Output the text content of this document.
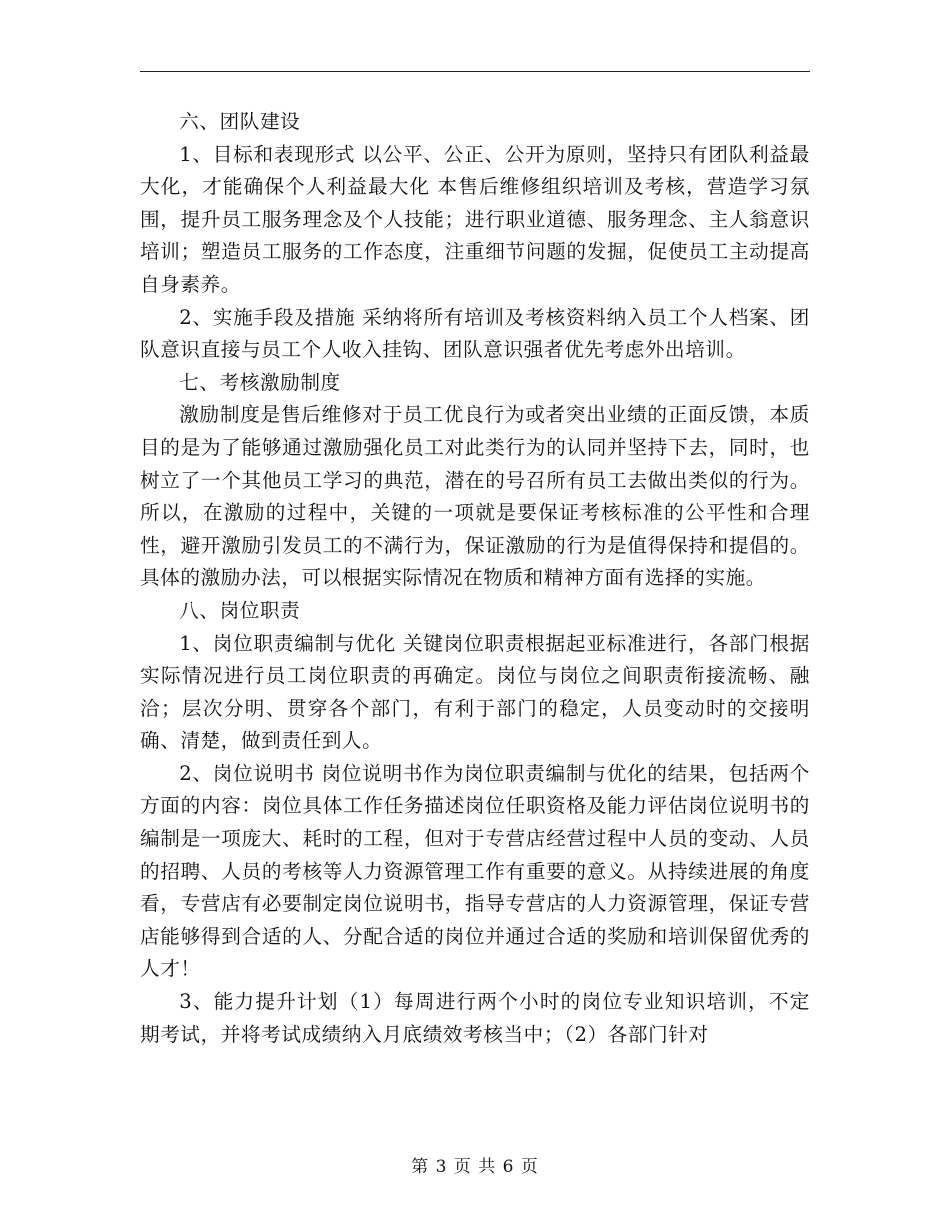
六、团队建设

1、目标和表现形式 以公平、公正、公开为原则，坚持只有团队利益最大化，才能确保个人利益最大化 本售后维修组织培训及考核，营造学习氛围，提升员工服务理念及个人技能；进行职业道德、服务理念、主人翁意识培训；塑造员工服务的工作态度，注重细节问题的发掘，促使员工主动提高自身素养。

2、实施手段及措施 采纳将所有培训及考核资料纳入员工个人档案、团队意识直接与员工个人收入挂钩、团队意识强者优先考虑外出培训。

七、考核激励制度

激励制度是售后维修对于员工优良行为或者突出业绩的正面反馈，本质目的是为了能够通过激励强化员工对此类行为的认同并坚持下去，同时，也树立了一个其他员工学习的典范，潜在的号召所有员工去做出类似的行为。所以，在激励的过程中，关键的一项就是要保证考核标准的公平性和合理性，避开激励引发员工的不满行为，保证激励的行为是值得保持和提倡的。具体的激励办法，可以根据实际情况在物质和精神方面有选择的实施。

八、岗位职责

1、岗位职责编制与优化 关键岗位职责根据起亚标准进行，各部门根据实际情况进行员工岗位职责的再确定。岗位与岗位之间职责衔接流畅、融洽；层次分明、贯穿各个部门，有利于部门的稳定，人员变动时的交接明确、清楚，做到责任到人。

2、岗位说明书 岗位说明书作为岗位职责编制与优化的结果，包括两个方面的内容：岗位具体工作任务描述岗位任职资格及能力评估岗位说明书的编制是一项庞大、耗时的工程，但对于专营店经营过程中人员的变动、人员的招聘、人员的考核等人力资源管理工作有重要的意义。从持续进展的角度看，专营店有必要制定岗位说明书，指导专营店的人力资源管理，保证专营店能够得到合适的人、分配合适的岗位并通过合适的奖励和培训保留优秀的人才！

3、能力提升计划（1）每周进行两个小时的岗位专业知识培训，不定期考试，并将考试成绩纳入月底绩效考核当中；（2）各部门针对

第 3 页 共 6 页
